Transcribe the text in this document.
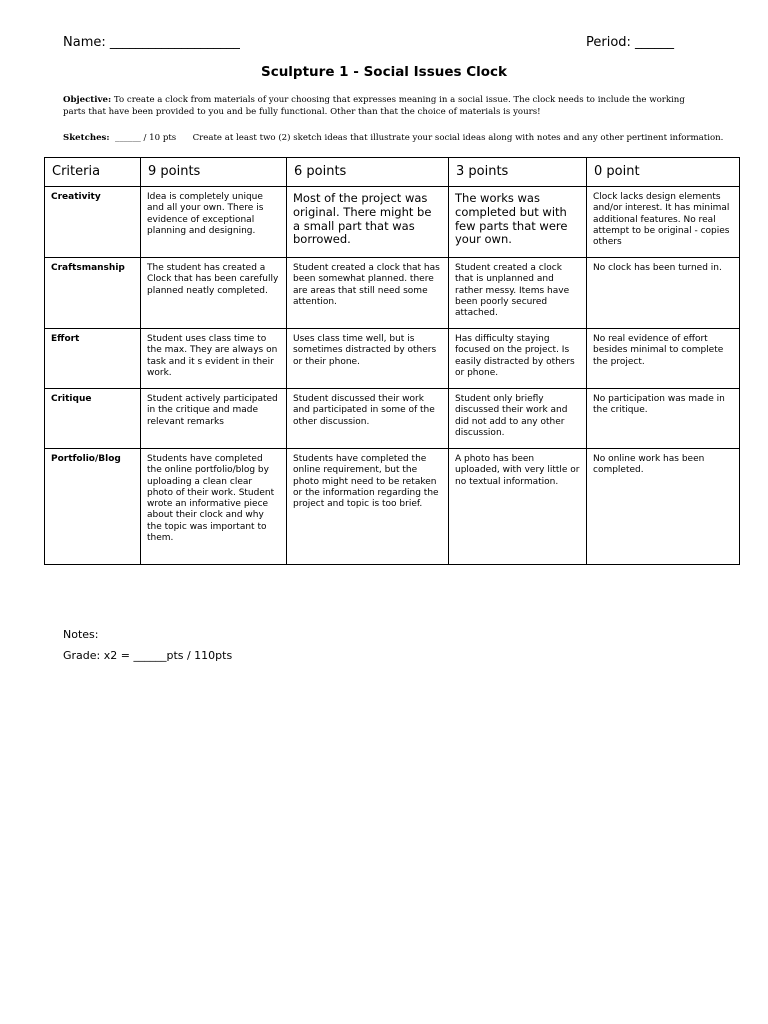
Name: ____________________	Period: ______
Sculpture 1 - Social Issues Clock
Objective: To create a clock from materials of your choosing that expresses meaning in a social issue. The clock needs to include the working parts that have been provided to you and be fully functional. Other than that the choice of materials is yours!
Sketches:  ______ / 10 pts      Create at least two (2) sketch ideas that illustrate your social ideas along with notes and any other pertinent information.
Criteria	9 points	6 points	3 points	0 point
Creativity	Idea is completely unique and all your own. There is evidence of exceptional planning and designing.	Most of the project was original. There might be a small part that was borrowed.	The works was completed but with few parts that were your own.	Clock lacks design elements and/or interest. It has minimal additional features. No real attempt to be original - copies others
Craftsmanship	The student has created a Clock that has been carefully planned neatly completed.	Student created a clock that has been somewhat planned. there are areas that still need some attention.	Student created a clock that is unplanned and rather messy. Items have been poorly secured attached.	No clock has been turned in.
Effort	Student uses class time to the max. They are always on task and it s evident in their work.	Uses class time well, but is sometimes distracted by others or their phone.	Has difficulty staying focused on the project. Is easily distracted by others or phone.	No real evidence of effort besides minimal to complete the project.
Critique	Student actively participated in the critique and made relevant remarks	Student discussed their work and participated in some of the other discussion.	Student only briefly discussed their work and did not add to any other discussion.	No participation was made in the critique.
Portfolio/Blog	Students have completed the online portfolio/blog by uploading a clean clear photo of their work. Student wrote an informative piece about their clock and why the topic was important to them.	Students have completed the online requirement, but the photo might need to be retaken or the information regarding the project and topic is too brief.	A photo has been uploaded, with very little or no textual information.	No online work has been completed.
Notes:
Grade: x2 = ______pts / 110pts
